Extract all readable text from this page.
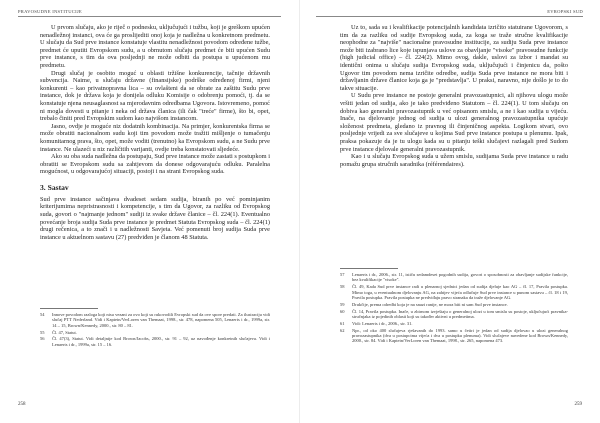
PRAVOSUDNE INSTITUCIJE

U prvom slučaju, ako je riječ o podnesku, uključujući i tužbu, koji je greškom upućen nenadležnoj instanci, ova će ga proslijediti onoj koja je nadležna u konkretnom predmetu. U slučaju da Sud prve instance konstatuje vlastitu nenadležnost povodom određene tužbe, predmet će uputiti Evropskom sudu, a u obrnutom slučaju predmet će biti upućen Sudu prve instance, s tim da ova posljednji ne može odbiti da postupa u upućenom mu predmetu.

Drugi slučaj je osobito moguć u oblasti tržišne konkurencije, tačnije državnih subvencija. Naime, u slučaju državne (finansijske) podrške određenoj firmi, njeni konkurenti – kao privatnopravna lica – su ovlašteni da se obrate za zaštitu Sudu prve instance, dok je država koja je donijela odluku Komisije o odobrenju pomoći, tj. da se konstatuje njena neusaglasnost sa mjerodavnim odredbama Ugovora. Istovremeno, pomoć ni mogla dovesti u pitanje i neka od država članica (ili čak "treće" firme), što bi, opet, trebalo činiti pred Evropskim sudom kao najvišom instancom.

Jasno, ovdje je moguće niz dodatnih kombinacija. Na primjer, konkurentska firma se može obratiti nacionalnom sudu koji tim povodom može tražiti mišljenje o tumačenju komunitarnog prava, što, opet, može voditi (trenutno) ka Evropskom sudu, a ne Sudu prve instance. Ne ulazeći u niz različitih varijanti, ovdje treba konstatovati sljedeće.

Ako su oba suda nadležna da postupaju, Sud prve instance može zastati s postupkom i obratiti se Evropskom sudu sa zahtjevom da donese odgovarajuću odluku. Paralelna mogućnost, u odgovarajućoj situaciji, postoji i na strani Evropskog suda.

3. Sastav

Sud prve instance sačinjava dvadeset sedam sudija, biranih po već pominjanim kriterijumima nepristrasnosti i kompetencije, s tim da Ugovor, za razliku od Evropskog suda, govori o "najmanje jednom" sudiji iz svake države članice – čl. 224(1). Eventualno povećanje broja sudija Suda prve instance je predmet Statuta Evropskog suda – čl. 224(1) drugi rečenica, a to znači i u nadležnosti Savjeta. Već pomenuti broj sudija Suda prve instance u aktuelnom sastavu (27) predviđen je članom 48 Statuta.

54	Innove povodom razloga koji nisu vezani za ovo koji su rukovodili Evropski sud da ove spore predati. Za ilustraciju vidi slučaj PTT Nederland. Vidi i Kaptein/VerLoren van Themaat, 1998., str. 478, napomena 505, Lenaerts i dr., 1999a, str. 14 – 15, Brown/Kennedy, 2000., str. 80 – 81.
55	Čl. 47, Statut.
56	Čl. 47(3), Statut. Vidi detaljnije kod Brown/Jacobs, 2000., str. 91 – 92, uz navođenje konkretnih slučajeva. Vidi i Lenaerts i dr., 1999a, str. 15 – 16.
258
EVROPSKI SUD

Uz to, sada su i kvalifikacije potencijalnih kandidata izričito statuirane Ugovorom, s tim da za razliku od sudije Evropskog suda, za koga se traže stručne kvalifikacije neophodne za "najviše" nacionalne pravosudne institucije, za sudiju Suda prve instance može biti izabrano lice koje ispunjava uslove za obavljanje "visoke" pravosudne funkcije (high judicial office) – čl. 224(2). Mimo ovog, dakle, uslovi za izbor i mandat su identični onima u slučaju sudija Evropskog suda, uključujući i činjenicu da, pošto Ugovor tim povodom nema izričite odredbe, sudija Suda prve instance ne mora biti i državljanin države članice koja ga je "predstavlja". U praksi, naravno, nije došlo je to do takve situacije.

U Sudu prve instance ne postoje generalni pravozastupnici, ali njihovu ulogu može vršiti jedan od sudija, ako je tako predviđeno Statutom – čl. 224(1). U tom slučaju on dobiva kao generalni pravozastupnik u već opisanom smislu, a ne i kao sudija u vijeću. Inače, na djelovanje jednog od sudija u ulozi generalnog pravozastupnika upućuje složenost predmeta, gledano iz pravnog ili činjeničnog aspekta. Logikom stvari, ovo posljednje vrijedi za sve slučajeve u kojima Sud prve instance postupa u plenumu. Ipak, praksa pokazuje da je tu ulogu kada su u pitanju teški slučajevi razlagali pred Sudom prve instance djelovale generalni pravozastupnik.

Kao i u slučaju Evropskog suda u užem smislu, sudijama Suda prve instance u radu pomažu grupa stručnih saradnika (référendaires).

57	Lenaerts i dr., 2006., str. 11, ističu sedamdeset pogodnih sudija, govori o sposobnosti za obavljanje sudijske funkcije, bez kvalifikacije "visoke".
58	Čl. 49, Kada Sud prve instance radi u plenarnoj sjednici jedan od sudija djeluje kao AG – čl. 17, Pravila postupka. Mimo toga, u eventualnom djelovanju AG, na zahtjev vijeća odlučuje Sud prve instance u punom sastavu – čl. 18 i 19, Pravila postupka. Pravila postupka ne predviđaju pravo stranaka da traže djelovanje AG.
59	Drukčije, prema odredbi koja je na snazi ranije, ne mora biti ni sam Sud prve instance.
60	Čl. 14, Pravila postupka. Inače, u zbirnom izvještaju o generalnoj ulozi u tom smislu su postoje, uključujući pravnika-stručnjaka iz pojedinih oblasti koji su također aktivni u predmetima.
61	Vidi: Lenaerts i dr., 2006., str. 31.
62	Npr., od oko 400 slučajeva rješavanih do 1993. samo u četiri je jedan od sudija djelovao u ulozi generalnog pravozastupnika (dva u postupcima vijeća i dva u postupku plenuma). Vidi slučajeve navedene kod Brown/Kennedy, 2000., str. 84. Vidi i Kaptein/VerLoren van Themaat, 1998., str. 265, napomena 473.
259
